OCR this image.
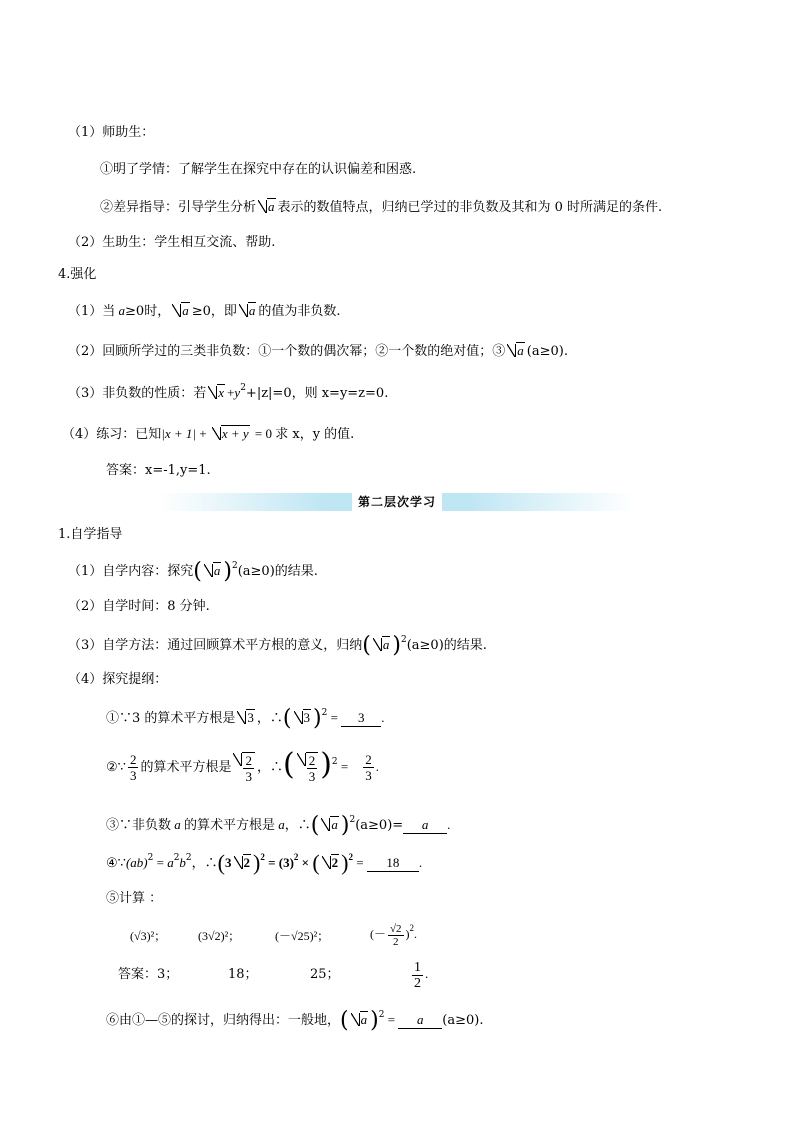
（1）师助生：
①明了学情：了解学生在探究中存在的认识偏差和困惑.
②差异指导：引导学生分析 a 表示的数值特点，归纳已学过的非负数及其和为 0 时所满足的条件.
（2）生助生：学生相互交流、帮助.
4.强化
（1）当 a≥0时， a ≥0，即 a 的值为非负数.
（2）回顾所学过的三类非负数：①一个数的偶次幂；②一个数的绝对值；③ a (a≥0).
（3）非负数的性质：若 $x +y^2+|z|=0$，则 x=y=z=0.
（4）练习：已知|x + 1| + x + y = 0 求 x，y 的值.
答案：x=-1,y=1.
第二层次学习
1.自学指导
（1）自学内容：探究( a )$^2$(a≥0)的结果.
（2）自学时间：8 分钟.
（3）自学方法：通过回顾算术平方根的意义，归纳( a )$^2$(a≥0)的结果.
（4）探究提纲：
①∵3 的算术平方根是 3 ，∴( 3 )$^2$ = 3 .
②∵ $\frac{2}{3}$ 的算术平方根是 $\frac{2}{3}$ ，∴( $\frac{2}{3} )^2 = \frac{2}{3}$ .
③∵非负数 a 的算术平方根是 a，∴( a )$^2$(a≥0)= a .
④∵(ab)$^2$ = $a^2b^2$，∴(3 2 )$^2 = (3)^2$ × ( 2 )$^2$ = 18 .
⑤计算 ：
(√3)²；	(3√2)²；	(－√25)²；	(－ $\frac{√2}{2} )^2$.
答案：3；	18；	25；	$\frac{1}{2}$ .
⑥由①—⑤的探讨，归纳得出：一般地，( a )$^2$ = a (a≥0).
